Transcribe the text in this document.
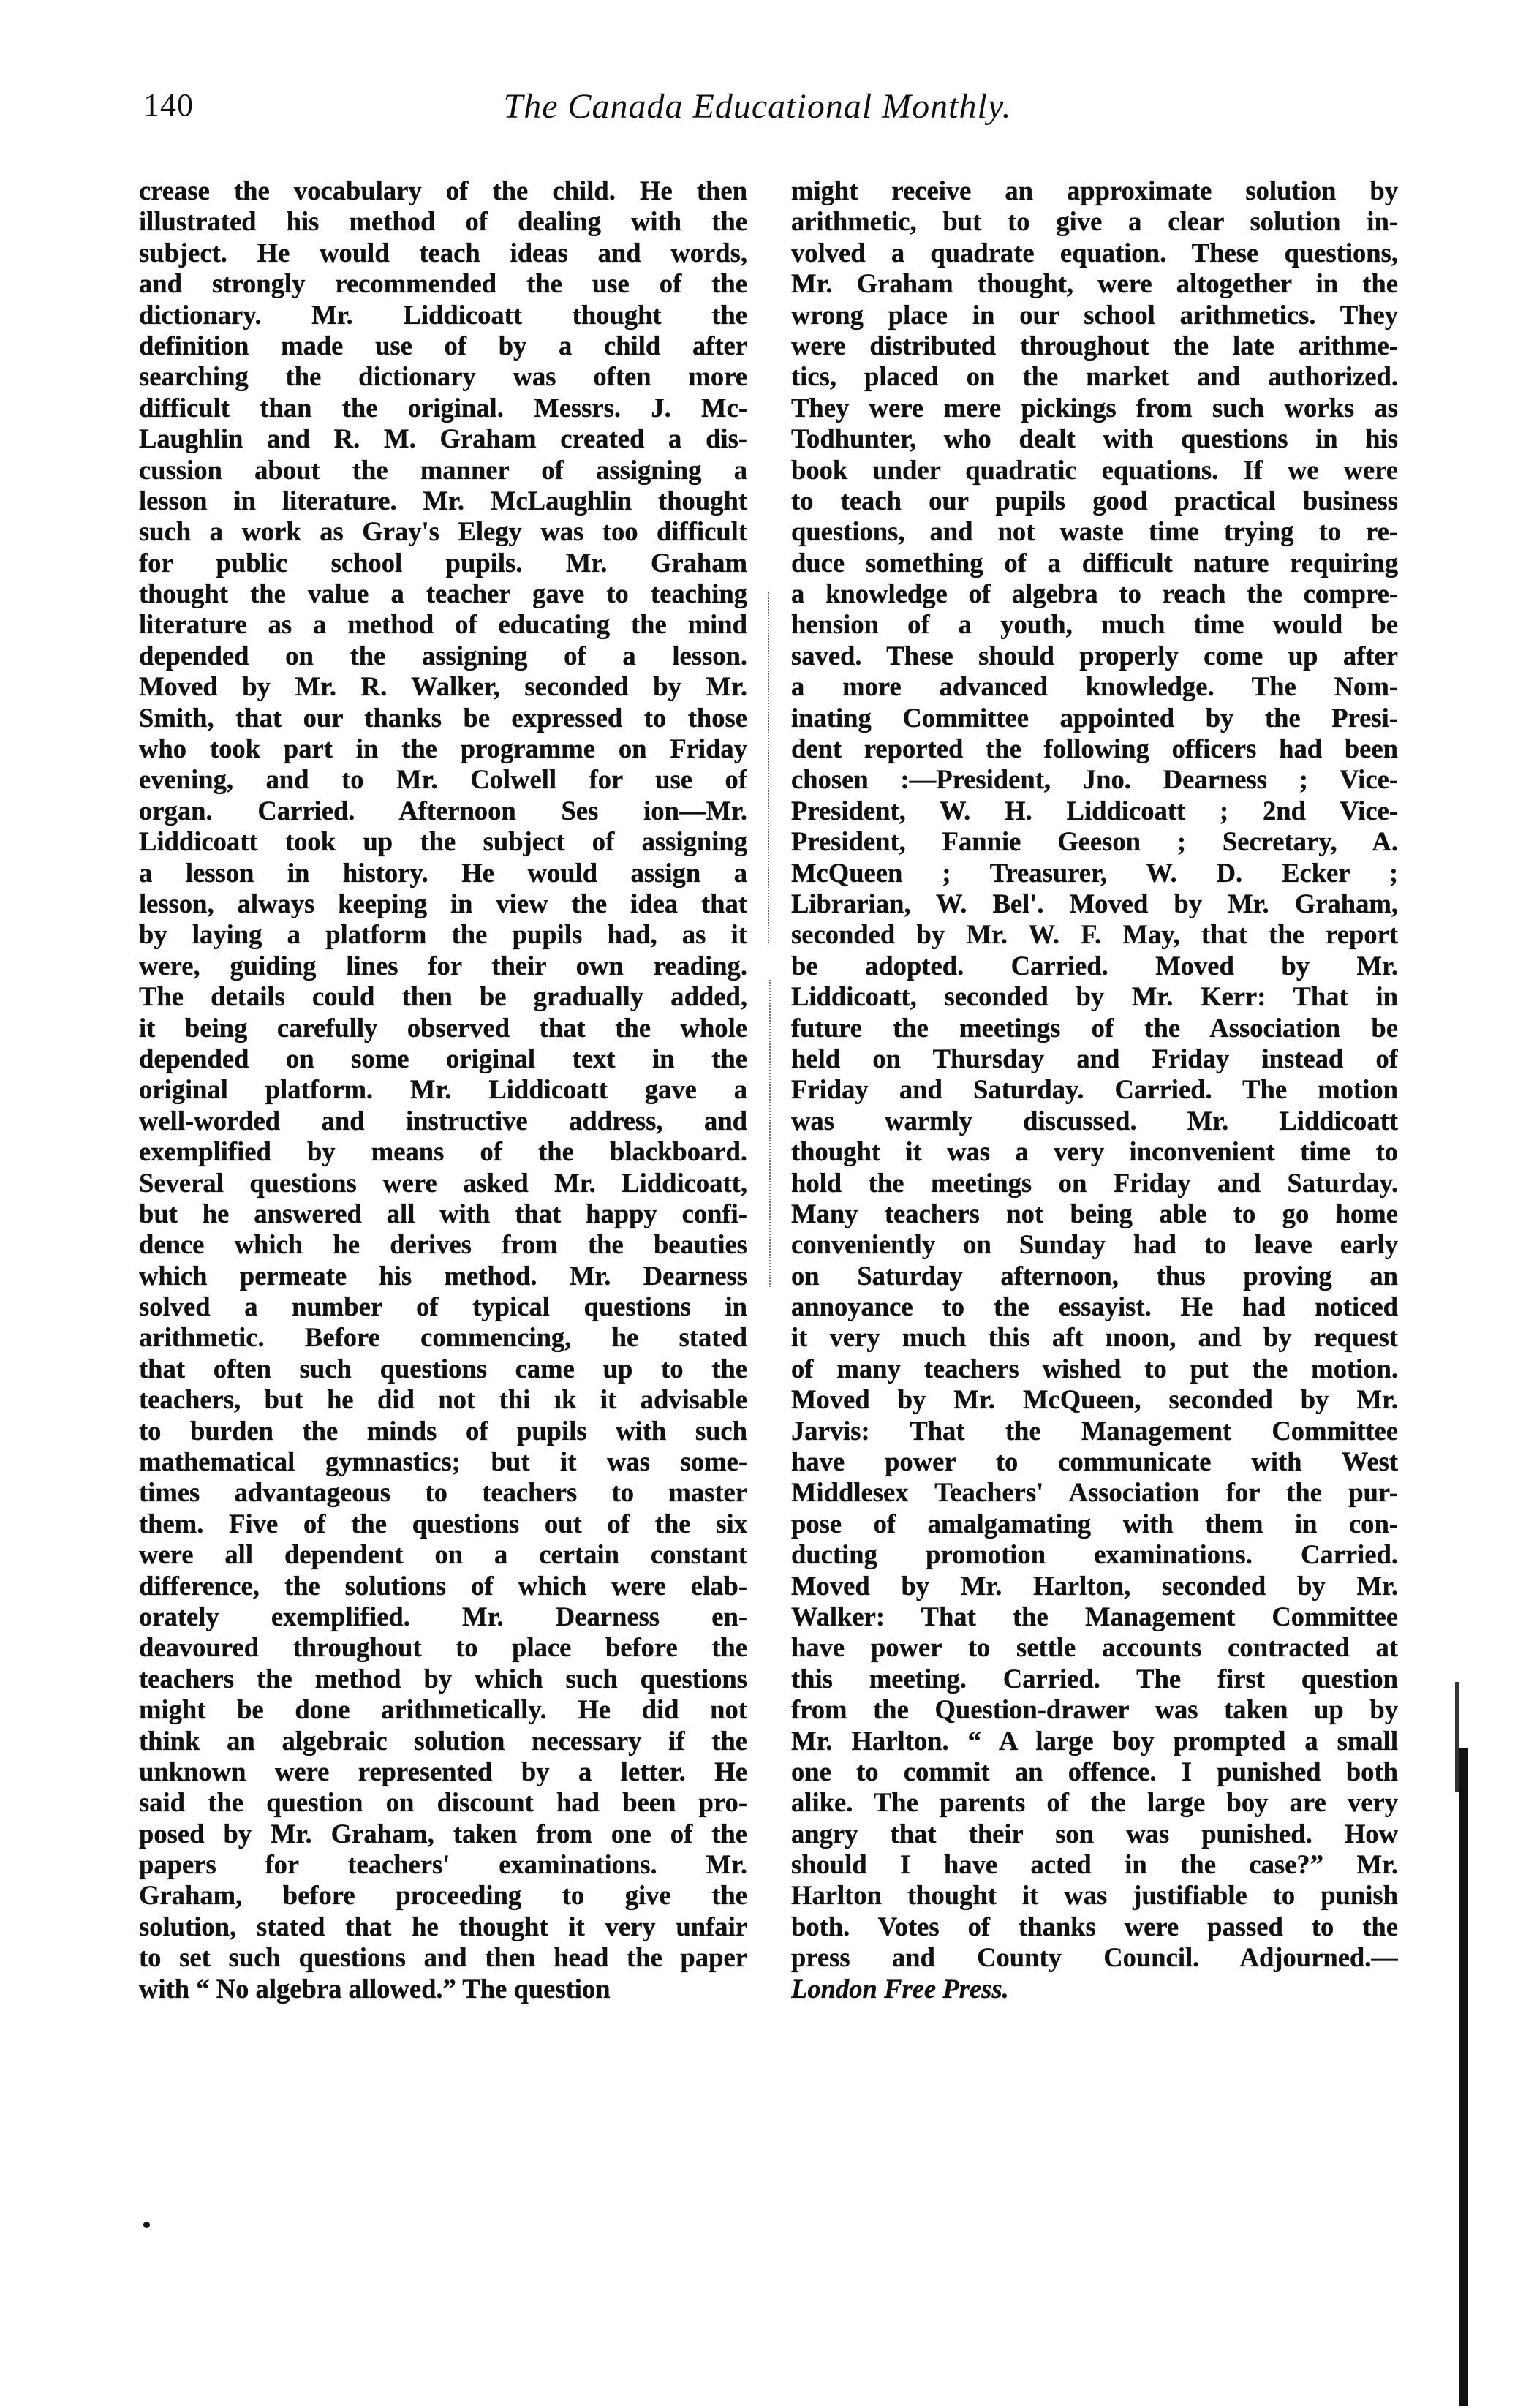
140	The Canada Educational Monthly.
crease the vocabulary of the child. He then
illustrated his method of dealing with the
subject. He would teach ideas and words,
and strongly recommended the use of the
dictionary. Mr. Liddicoatt thought the
definition made use of by a child after
searching the dictionary was often more
difficult than the original. Messrs. J. Mc-
Laughlin and R. M. Graham created a dis-
cussion about the manner of assigning a
lesson in literature. Mr. McLaughlin thought
such a work as Gray's Elegy was too difficult
for public school pupils. Mr. Graham
thought the value a teacher gave to teaching
literature as a method of educating the mind
depended on the assigning of a lesson.
Moved by Mr. R. Walker, seconded by Mr.
Smith, that our thanks be expressed to those
who took part in the programme on Friday
evening, and to Mr. Colwell for use of
organ. Carried. Afternoon Ses ion—Mr.
Liddicoatt took up the subject of assigning
a lesson in history. He would assign a
lesson, always keeping in view the idea that
by laying a platform the pupils had, as it
were, guiding lines for their own reading.
The details could then be gradually added,
it being carefully observed that the whole
depended on some original text in the
original platform. Mr. Liddicoatt gave a
well-worded and instructive address, and
exemplified by means of the blackboard.
Several questions were asked Mr. Liddicoatt,
but he answered all with that happy confi-
dence which he derives from the beauties
which permeate his method. Mr. Dearness
solved a number of typical questions in
arithmetic. Before commencing, he stated
that often such questions came up to the
teachers, but he did not thi ık it advisable
to burden the minds of pupils with such
mathematical gymnastics; but it was some-
times advantageous to teachers to master
them. Five of the questions out of the six
were all dependent on a certain constant
difference, the solutions of which were elab-
orately exemplified. Mr. Dearness en-
deavoured throughout to place before the
teachers the method by which such questions
might be done arithmetically. He did not
think an algebraic solution necessary if the
unknown were represented by a letter. He
said the question on discount had been pro-
posed by Mr. Graham, taken from one of the
papers for teachers' examinations. Mr.
Graham, before proceeding to give the
solution, stated that he thought it very unfair
to set such questions and then head the paper
with “ No algebra allowed.” The question
might receive an approximate solution by
arithmetic, but to give a clear solution in-
volved a quadrate equation. These questions,
Mr. Graham thought, were altogether in the
wrong place in our school arithmetics. They
were distributed throughout the late arithme-
tics, placed on the market and authorized.
They were mere pickings from such works as
Todhunter, who dealt with questions in his
book under quadratic equations. If we were
to teach our pupils good practical business
questions, and not waste time trying to re-
duce something of a difficult nature requiring
a knowledge of algebra to reach the compre-
hension of a youth, much time would be
saved. These should properly come up after
a more advanced knowledge. The Nom-
inating Committee appointed by the Presi-
dent reported the following officers had been
chosen :—President, Jno. Dearness ; Vice-
President, W. H. Liddicoatt ; 2nd Vice-
President, Fannie Geeson ; Secretary, A.
McQueen ; Treasurer, W. D. Ecker ;
Librarian, W. Bel'. Moved by Mr. Graham,
seconded by Mr. W. F. May, that the report
be adopted. Carried. Moved by Mr.
Liddicoatt, seconded by Mr. Kerr: That in
future the meetings of the Association be
held on Thursday and Friday instead of
Friday and Saturday. Carried. The motion
was warmly discussed. Mr. Liddicoatt
thought it was a very inconvenient time to
hold the meetings on Friday and Saturday.
Many teachers not being able to go home
conveniently on Sunday had to leave early
on Saturday afternoon, thus proving an
annoyance to the essayist. He had noticed
it very much this aft ınoon, and by request
of many teachers wished to put the motion.
Moved by Mr. McQueen, seconded by Mr.
Jarvis: That the Management Committee
have power to communicate with West
Middlesex Teachers' Association for the pur-
pose of amalgamating with them in con-
ducting promotion examinations. Carried.
Moved by Mr. Harlton, seconded by Mr.
Walker: That the Management Committee
have power to settle accounts contracted at
this meeting. Carried. The first question
from the Question-drawer was taken up by
Mr. Harlton. “ A large boy prompted a small
one to commit an offence. I punished both
alike. The parents of the large boy are very
angry that their son was punished. How
should I have acted in the case?” Mr.
Harlton thought it was justifiable to punish
both. Votes of thanks were passed to the
press and County Council. Adjourned.—
London Free Press.
